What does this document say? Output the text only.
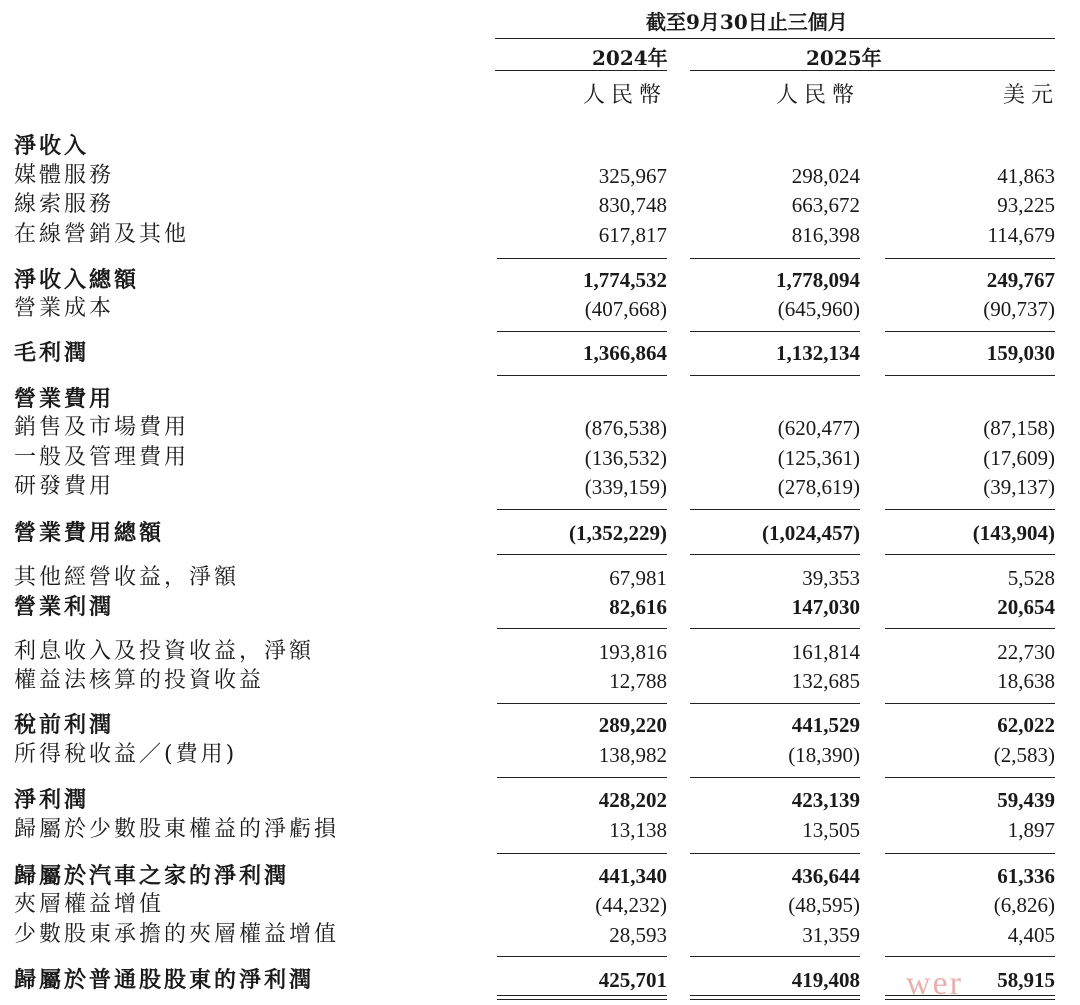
截至9月30日止三個月
2024年	2025年
人民幣	人民幣	美元
淨收入
媒體服務	325,967	298,024	41,863
線索服務	830,748	663,672	93,225
在線營銷及其他	617,817	816,398	114,679
淨收入總額	1,774,532	1,778,094	249,767
營業成本	(407,668)	(645,960)	(90,737)
毛利潤	1,366,864	1,132,134	159,030
營業費用
銷售及市場費用	(876,538)	(620,477)	(87,158)
一般及管理費用	(136,532)	(125,361)	(17,609)
研發費用	(339,159)	(278,619)	(39,137)
營業費用總額	(1,352,229)	(1,024,457)	(143,904)
其他經營收益，淨額	67,981	39,353	5,528
營業利潤	82,616	147,030	20,654
利息收入及投資收益，淨額	193,816	161,814	22,730
權益法核算的投資收益	12,788	132,685	18,638
稅前利潤	289,220	441,529	62,022
所得稅收益／(費用)	138,982	(18,390)	(2,583)
淨利潤	428,202	423,139	59,439
歸屬於少數股東權益的淨虧損	13,138	13,505	1,897
歸屬於汽車之家的淨利潤	441,340	436,644	61,336
夾層權益增值	(44,232)	(48,595)	(6,826)
少數股東承擔的夾層權益增值	28,593	31,359	4,405
歸屬於普通股股東的淨利潤	425,701	419,408	58,915
wer
